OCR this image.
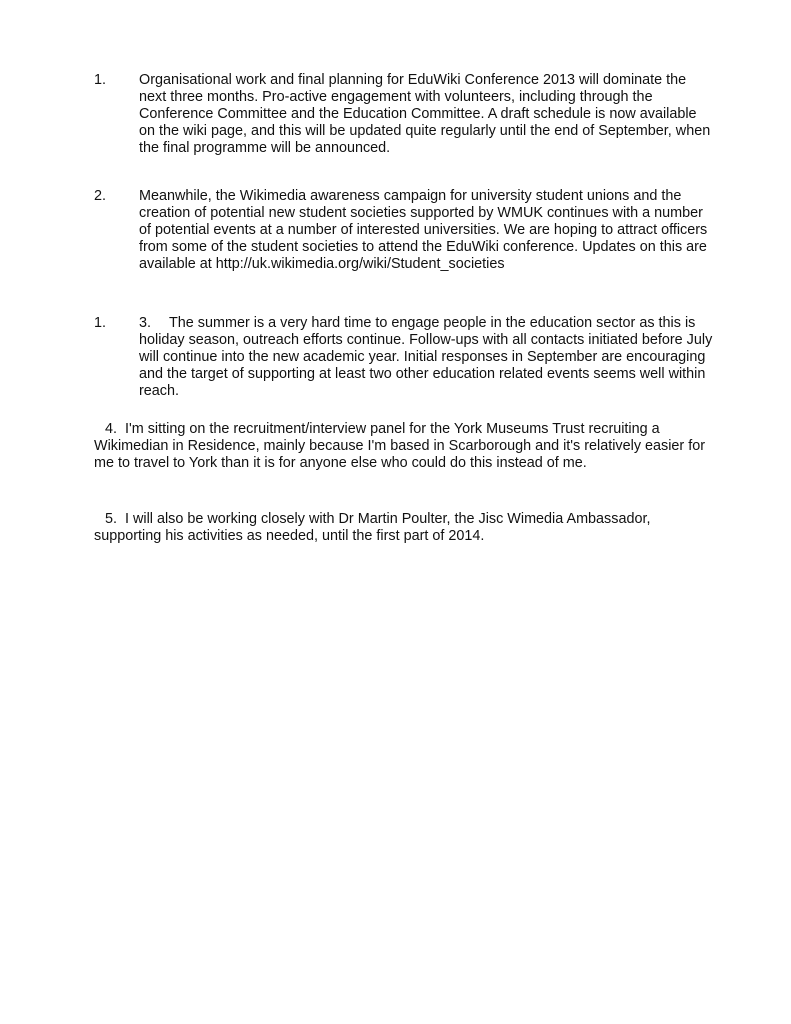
1. Organisational work and final planning for EduWiki Conference 2013 will dominate the next three months. Pro-active engagement with volunteers, including through the Conference Committee and the Education Committee. A draft schedule is now available on the wiki page, and this will be updated quite regularly until the end of September, when the final programme will be announced.
2. Meanwhile, the Wikimedia awareness campaign for university student unions and the creation of potential new student societies supported by WMUK continues with a number of potential events at a number of interested universities. We are hoping to attract officers from some of the student societies to attend the EduWiki conference. Updates on this are available at http://uk.wikimedia.org/wiki/Student_societies
1. 3. The summer is a very hard time to engage people in the education sector as this is holiday season, outreach efforts continue. Follow-ups with all contacts initiated before July will continue into the new academic year. Initial responses in September are encouraging and the target of supporting at least two other education related events seems well within reach.
4. I'm sitting on the recruitment/interview panel for the York Museums Trust recruiting a Wikimedian in Residence, mainly because I'm based in Scarborough and it's relatively easier for me to travel to York than it is for anyone else who could do this instead of me.
5. I will also be working closely with Dr Martin Poulter, the Jisc Wimedia Ambassador, supporting his activities as needed, until the first part of 2014.
